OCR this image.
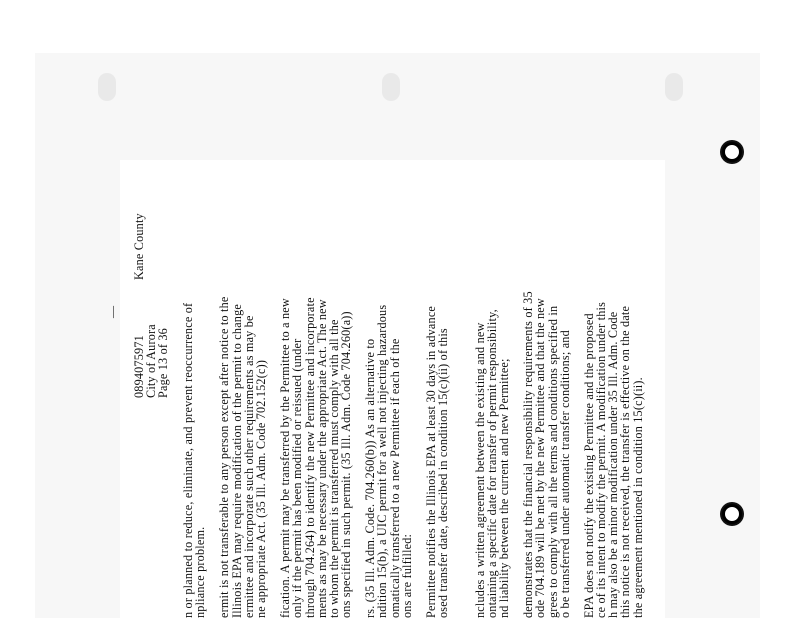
—
0894075971
Kane County
City of Aurora
Page 13 of 36 n or planned to reduce, eliminate, and prevent reoccurrence of
npliance problem. ermit is not transferable to any person except after notice to the
Illinois EPA may require modification of the permit to change
ermittee and incorporate such other requirements as may be
ne appropriate Act. (35 Ill. Adm. Code 702.152(c)) fication. A permit may be transferred by the Permittee to a new
only if the permit has been modified or reissued (under
through 704.264) to identify the new Permittee and incorporate
ments as may be necessary under the appropriate Act. The new
to whom the permit is transferred must comply with all the
ons specified in such permit. (35 Ill. Adm. Code 704.260(a)) rs. (35 Ill. Adm. Code. 704.260(b)) As an alternative to
ndition 15(b), a UIC permit for a well not injecting hazardous
omatically transferred to a new Permittee if each of the
ons are fulfilled: Permittee notifies the Illinois EPA at least 30 days in advance
osed transfer date, described in condition 15(c)(ii) of this ncludes a written agreement between the existing and new
ontaining a specific date for transfer of permit responsibility,
nd liability between the current and new Permittee; demonstrates that the financial responsibility requirements of 35
ode 704.189 will be met by the new Permittee and that the new
grees to comply with all the terms and conditions specified in
o be transferred under automatic transfer conditions; and EPA does not notify the existing Permittee and the proposed
ce of its intent to modify the permit. A modification under this
h may also be a minor modification under 35 Ill. Adm. Code
this notice is not received, the transfer is effective on the date
the agreement mentioned in condition 15(c)(ii).
